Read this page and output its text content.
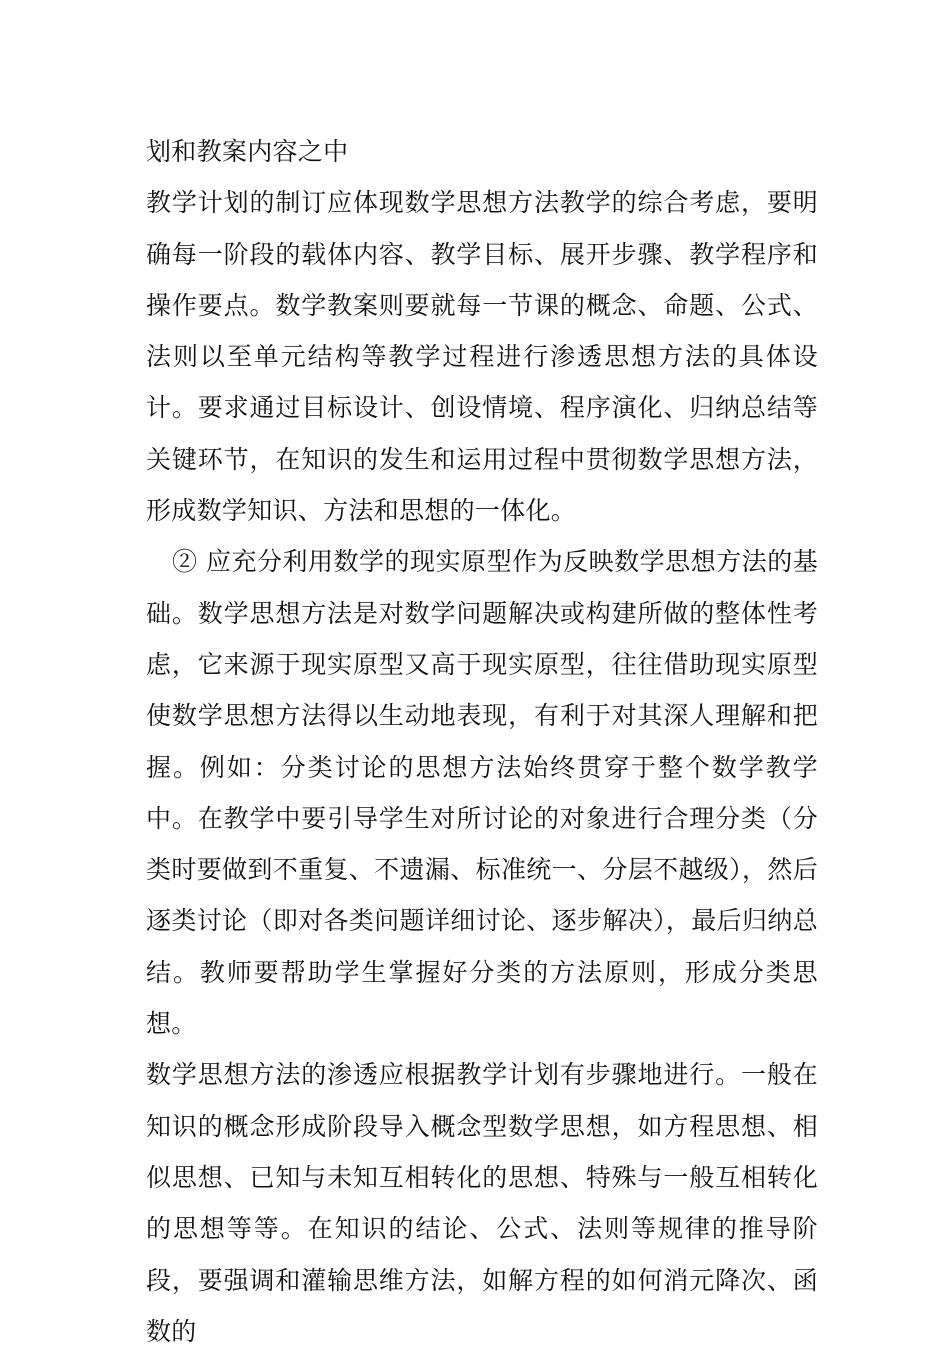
划和教案内容之中

教学计划的制订应体现数学思想方法教学的综合考虑，要明确每一阶段的载体内容、教学目标、展开步骤、教学程序和操作要点。数学教案则要就每一节课的概念、命题、公式、法则以至单元结构等教学过程进行渗透思想方法的具体设计。要求通过目标设计、创设情境、程序演化、归纳总结等关键环节，在知识的发生和运用过程中贯彻数学思想方法，形成数学知识、方法和思想的一体化。

② 应充分利用数学的现实原型作为反映数学思想方法的基础。数学思想方法是对数学问题解决或构建所做的整体性考虑，它来源于现实原型又高于现实原型，往往借助现实原型使数学思想方法得以生动地表现，有利于对其深人理解和把握。例如：分类讨论的思想方法始终贯穿于整个数学教学中。在教学中要引导学生对所讨论的对象进行合理分类（分类时要做到不重复、不遗漏、标准统一、分层不越级），然后逐类讨论（即对各类问题详细讨论、逐步解决），最后归纳总结。教师要帮助学生掌握好分类的方法原则，形成分类思想。

数学思想方法的渗透应根据教学计划有步骤地进行。一般在知识的概念形成阶段导入概念型数学思想，如方程思想、相似思想、已知与未知互相转化的思想、特殊与一般互相转化的思想等等。在知识的结论、公式、法则等规律的推导阶段，要强调和灌输思维方法，如解方程的如何消元降次、函数的
